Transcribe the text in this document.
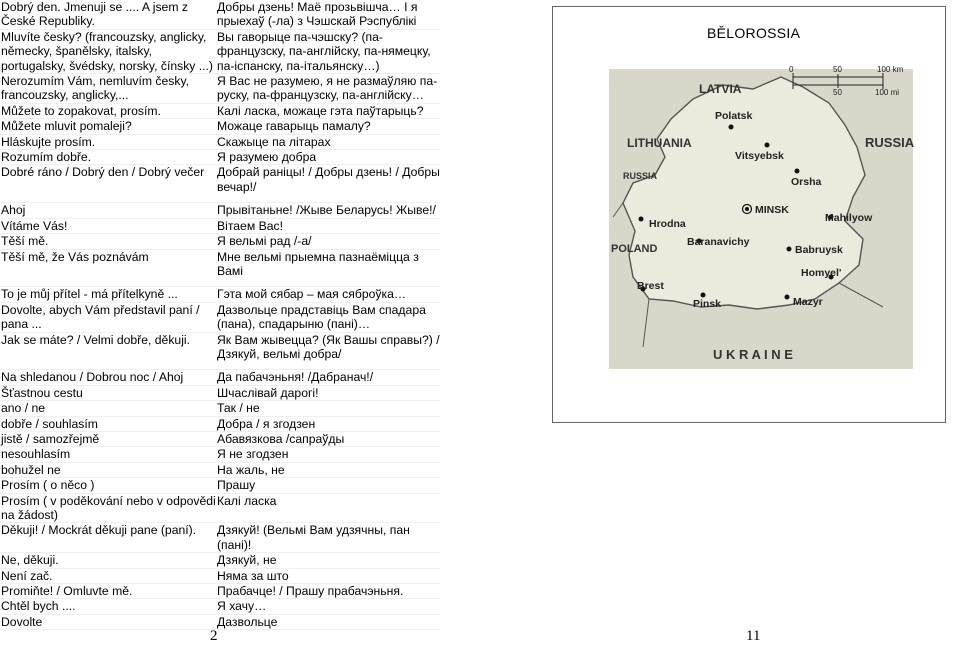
Dobrý den. Jmenuji se .... A jsem z České Republiky.	Добры дзень! Маё прозьвішча… І я прыехаў (-ла) з Чэшскай Рэспублікі
Mluvíte česky? (francouzsky, anglicky, německy, španělsky, italsky, portugalsky, švédsky, norsky, čínsky ...)	Вы гаворыце па-чэшску? (па-французску, па-англійску, па-нямецку, па-іспанску, па-італьянску…)
Nerozumím Vám, nemluvím česky, francouzsky, anglicky,...	Я Вас не разумею, я не размаўляю па-руску, па-французску, па-англійску…
Můžete to zopakovat, prosím.	Калі ласка, можаце гэта паўтарыць?
Můžete mluvit pomaleji?	Можаце гаварыць памалу?
Hláskujte prosím.	Скажыце па літарах
Rozumím dobře.	Я разумею добра
Dobré ráno / Dobrý den / Dobrý večer	Добрай раніцы! / Добры дзень! / Добры вечар!/
Ahoj	Прывітаньне! /Жыве Беларусь! Жыве!/
Vítáme Vás!	Вітаем Вас!
Těší mě.	Я вельмі рад /-а/
Těší mě, že Vás poznávám	Мне вельмі прыемна пазнаёміцца з Вамі
To je můj přítel - má přítelkyně ...	Гэта мой сябар – мая сяброўка…
Dovolte, abych Vám představil paní / pana ...	Дазвольце прадставіць Вам спадара (пана), спадарыню (пані)…
Jak se máte? / Velmi dobře, děkuji.	Як Вам жывецца? (Як Вашы справы?) /Дзякуй, вельмі добра/
Na shledanou / Dobrou noc / Ahoj	Да пабачэньня! /Дабранач!/
Šťastnou cestu	Шчаслівай дарогі!
ano / ne	Так / не
dobře / souhlasím	Добра / я згодзен
jistě / samozřejmě	Абавязкова /сапраўды
nesouhlasím	Я не згодзен
bohužel ne	На жаль, не
Prosím ( o něco )	Прашу
Prosím ( v poděkování nebo v odpovědi na žádost)	Калі ласка
Děkuji! / Mockrát děkuji pane (paní).	Дзякуй! (Вельмі Вам удзячны, пан (пані)!
Ne, děkuji.	Дзякуй, не
Není zač.	Няма за што
Promiňte! / Omluvte mě.	Прабачце! / Прашу прабачэньня.
Chtěl bych ....	Я хачу…
Dovolte	Дазвольце
2	11
0	50	100 km
50	100 mi
LATVIA
LITHUANIA	RUSSIA
RUSSIA
POLAND
U K R A I N E
Polatsk
Vitsyebsk
Orsha
MINSK
Hrodna	Mahilyow
Baranavichy
Babruysk
Homyel'
Brest
Pinsk	Mazyr
BĚLOROSSIA
